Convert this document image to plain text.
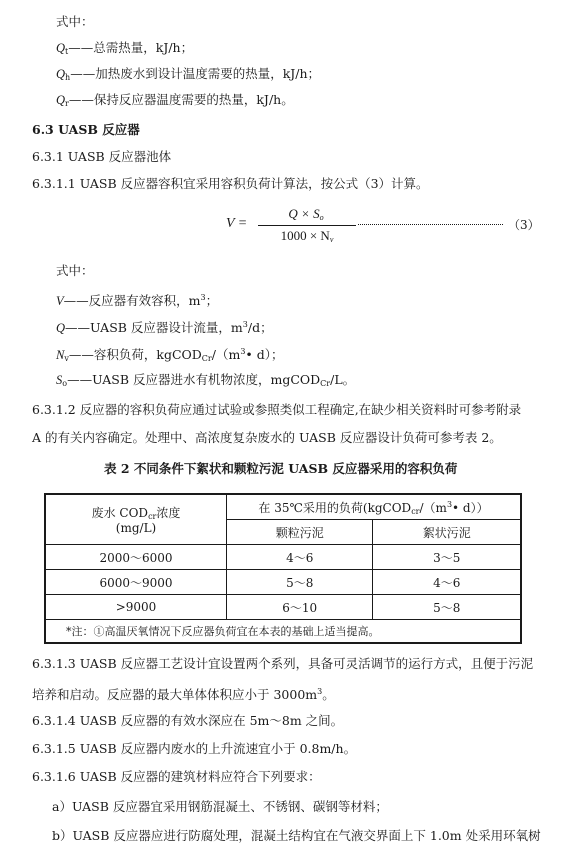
式中：
$Q_t——$总需热量，kJ/h；
$Q_h——$加热废水到设计温度需要的热量，kJ/h；
$Q_r——$保持反应器温度需要的热量，kJ/h。
6.3 UASB 反应器
6.3.1 UASB 反应器池体
6.3.1.1 UASB 反应器容积宜采用容积负荷计算法，按公式（3）计算。
V =
$Q \times S_o$
$1000 \times N_v$
（3）
式中：
V——反应器有效容积，$m^3$；
Q——UASB 反应器设计流量，$m^3/d$；
$N_v——$容积负荷，$kgCOD_{Cr}/(m^3•$ d）；
$S_o——UASB$ 反应器进水有机物浓度，mgCOD$_{Cr}$/L。
6.3.1.2 反应器的容积负荷应通过试验或参照类似工程确定,在缺少相关资料时可参考附录
A 的有关内容确定。处理中、高浓度复杂废水的 UASB 反应器设计负荷可参考表 2。
表 2 不同条件下絮状和颗粒污泥 UASB 反应器采用的容积负荷
废水 $COD_{cr}$浓度
(mg/L)	在 35℃采用的负荷($kgCOD_{cr}/(m^3•$ d））	
	颗粒污泥	絮状污泥
2000～6000	4～6	3～5
6000～9000	5～8	4～6
>9000	6～10	5～8
*注：①高温厌氧情况下反应器负荷宜在本表的基础上适当提高。		
6.3.1.3 UASB 反应器工艺设计宜设置两个系列，具备可灵活调节的运行方式，且便于污泥
培养和启动。反应器的最大单体体积应小于 $3000m^3$。
6.3.1.4 UASB 反应器的有效水深应在 5m～8m 之间。
6.3.1.5 UASB 反应器内废水的上升流速宜小于 0.8m/h。
6.3.1.6 UASB 反应器的建筑材料应符合下列要求：
a）UASB 反应器宜采用钢筋混凝土、不锈钢、碳钢等材料；
b）UASB 反应器应进行防腐处理，混凝土结构宜在气液交界面上下 1.0m 处采用环氧树
